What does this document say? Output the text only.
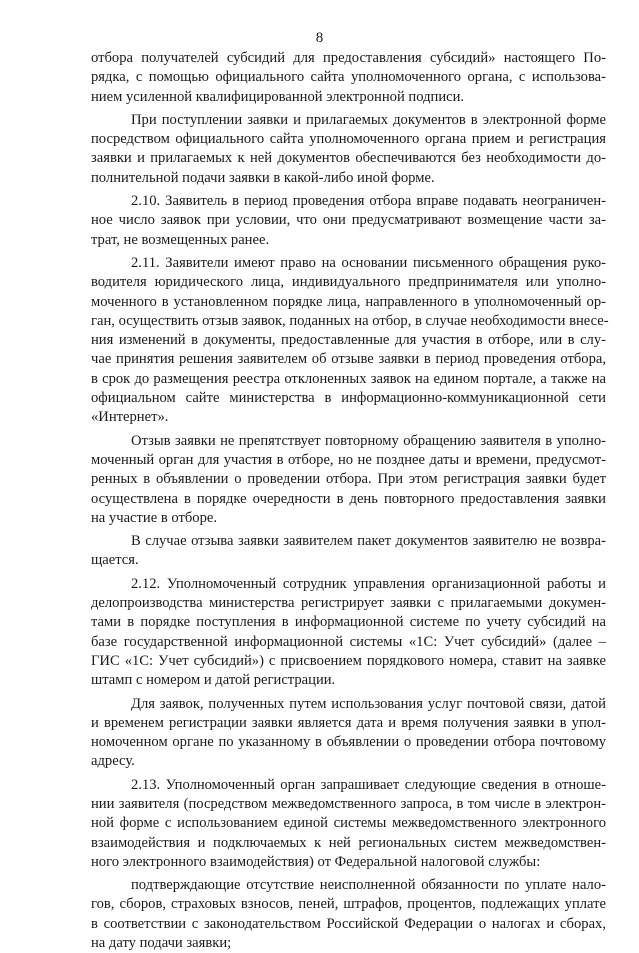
8
отбора получателей субсидий для предоставления субсидий» настоящего По-
рядка, с помощью официального сайта уполномоченного органа, с использова-
нием усиленной квалифицированной электронной подписи.
При поступлении заявки и прилагаемых документов в электронной форме
посредством официального сайта уполномоченного органа прием и регистрация
заявки и прилагаемых к ней документов обеспечиваются без необходимости до-
полнительной подачи заявки в какой-либо иной форме.
2.10. Заявитель в период проведения отбора вправе подавать неограничен-
ное число заявок при условии, что они предусматривают возмещение части за-
трат, не возмещенных ранее.
2.11. Заявители имеют право на основании письменного обращения руко-
водителя юридического лица, индивидуального предпринимателя или уполно-
моченного в установленном порядке лица, направленного в уполномоченный ор-
ган, осуществить отзыв заявок, поданных на отбор, в случае необходимости внесе-
ния изменений в документы, предоставленные для участия в отборе, или в слу-
чае принятия решения заявителем об отзыве заявки в период проведения отбора,
в срок до размещения реестра отклоненных заявок на едином портале, а также на
официальном сайте министерства в информационно-коммуникационной сети
«Интернет».
Отзыв заявки не препятствует повторному обращению заявителя в уполно-
моченный орган для участия в отборе, но не позднее даты и времени, предусмот-
ренных в объявлении о проведении отбора. При этом регистрация заявки будет
осуществлена в порядке очередности в день повторного предоставления заявки
на участие в отборе.
В случае отзыва заявки заявителем пакет документов заявителю не возвра-
щается.
2.12. Уполномоченный сотрудник управления организационной работы и
делопроизводства министерства регистрирует заявки с прилагаемыми докумен-
тами в порядке поступления в информационной системе по учету субсидий на
базе государственной информационной системы «1С: Учет субсидий» (далее –
ГИС «1С: Учет субсидий») с присвоением порядкового номера, ставит на заявке
штамп с номером и датой регистрации.
Для заявок, полученных путем использования услуг почтовой связи, датой
и временем регистрации заявки является дата и время получения заявки в упол-
номоченном органе по указанному в объявлении о проведении отбора почтовому
адресу.
2.13. Уполномоченный орган запрашивает следующие сведения в отноше-
нии заявителя (посредством межведомственного запроса, в том числе в электрон-
ной форме с использованием единой системы межведомственного электронного
взаимодействия и подключаемых к ней региональных систем межведомствен-
ного электронного взаимодействия) от Федеральной налоговой службы:
подтверждающие отсутствие неисполненной обязанности по уплате нало-
гов, сборов, страховых взносов, пеней, штрафов, процентов, подлежащих уплате
в соответствии с законодательством Российской Федерации о налогах и сборах,
на дату подачи заявки;
